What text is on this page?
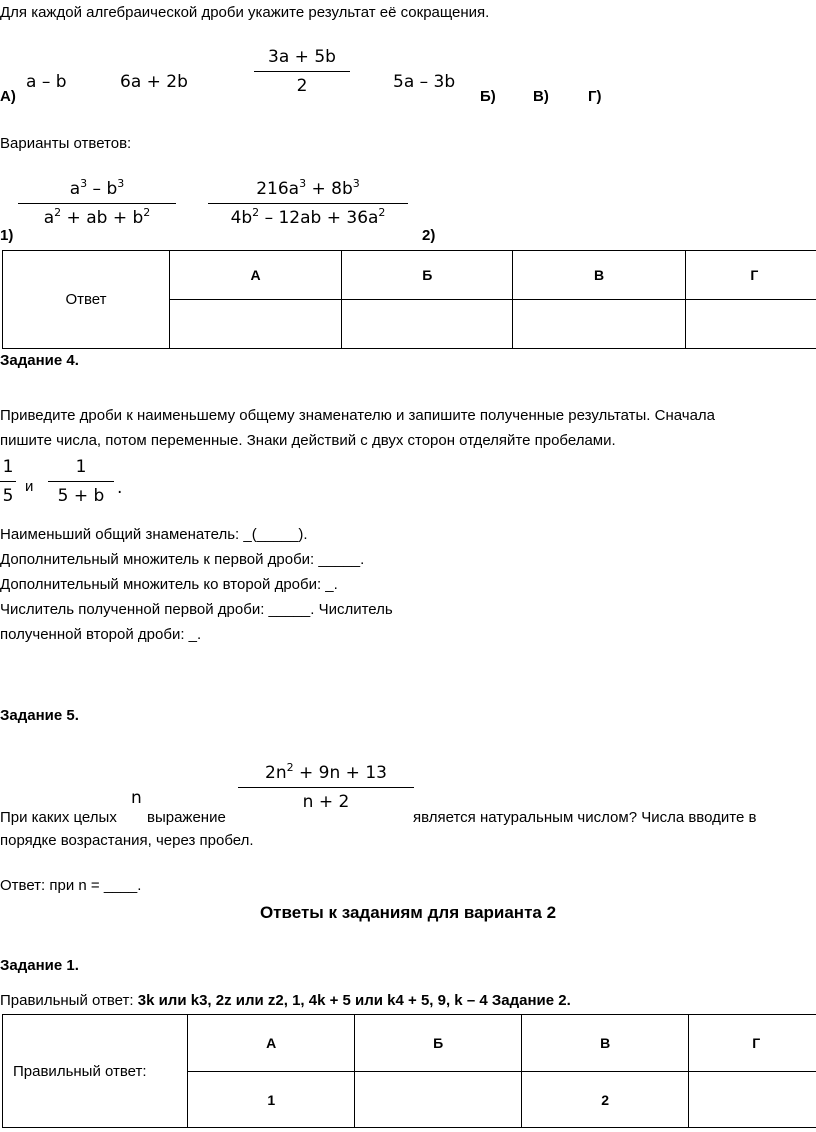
Для каждой алгебраической дроби укажите результат её сокращения.
А)
a – b	6a + 2b
3a + 5b
2	5a – 3b
Б) В)	Г)
Варианты ответов:
1)
$a^3 - b^3$
$a^2$ + ab + $b^2$
$216a^3 + 8b^3$
$4b^2 - 12ab + 36a^2$
2)
Ответ	А	Б	В	Г

Задание 4.
Приведите дроби к наименьшему общему знаменателю и запишите полученные результаты. Сначала
пишите числа, потом переменные. Знаки действий с двух сторон отделяйте пробелами.
1
5 и
1
5 + b .
Наименьший общий знаменатель: _(_____).
Дополнительный множитель к первой дроби: _____.
Дополнительный множитель ко второй дроби: _.
Числитель полученной первой дроби: _____. Числитель
полученной второй дроби: _.
Задание 5.
При каких целых
n
выражение
$2n^2 + 9n + 13$
n + 2
является натуральным числом? Числа вводите в
порядке возрастания, через пробел.
Ответ: при n = ____.
Ответы к заданиям для варианта 2
Задание 1.
Правильный ответ: 3k или k3, 2z или z2, 1, 4k + 5 или k4 + 5, 9, k – 4 Задание 2.
Правильный ответ:	А	Б	В	Г
	1		2	
